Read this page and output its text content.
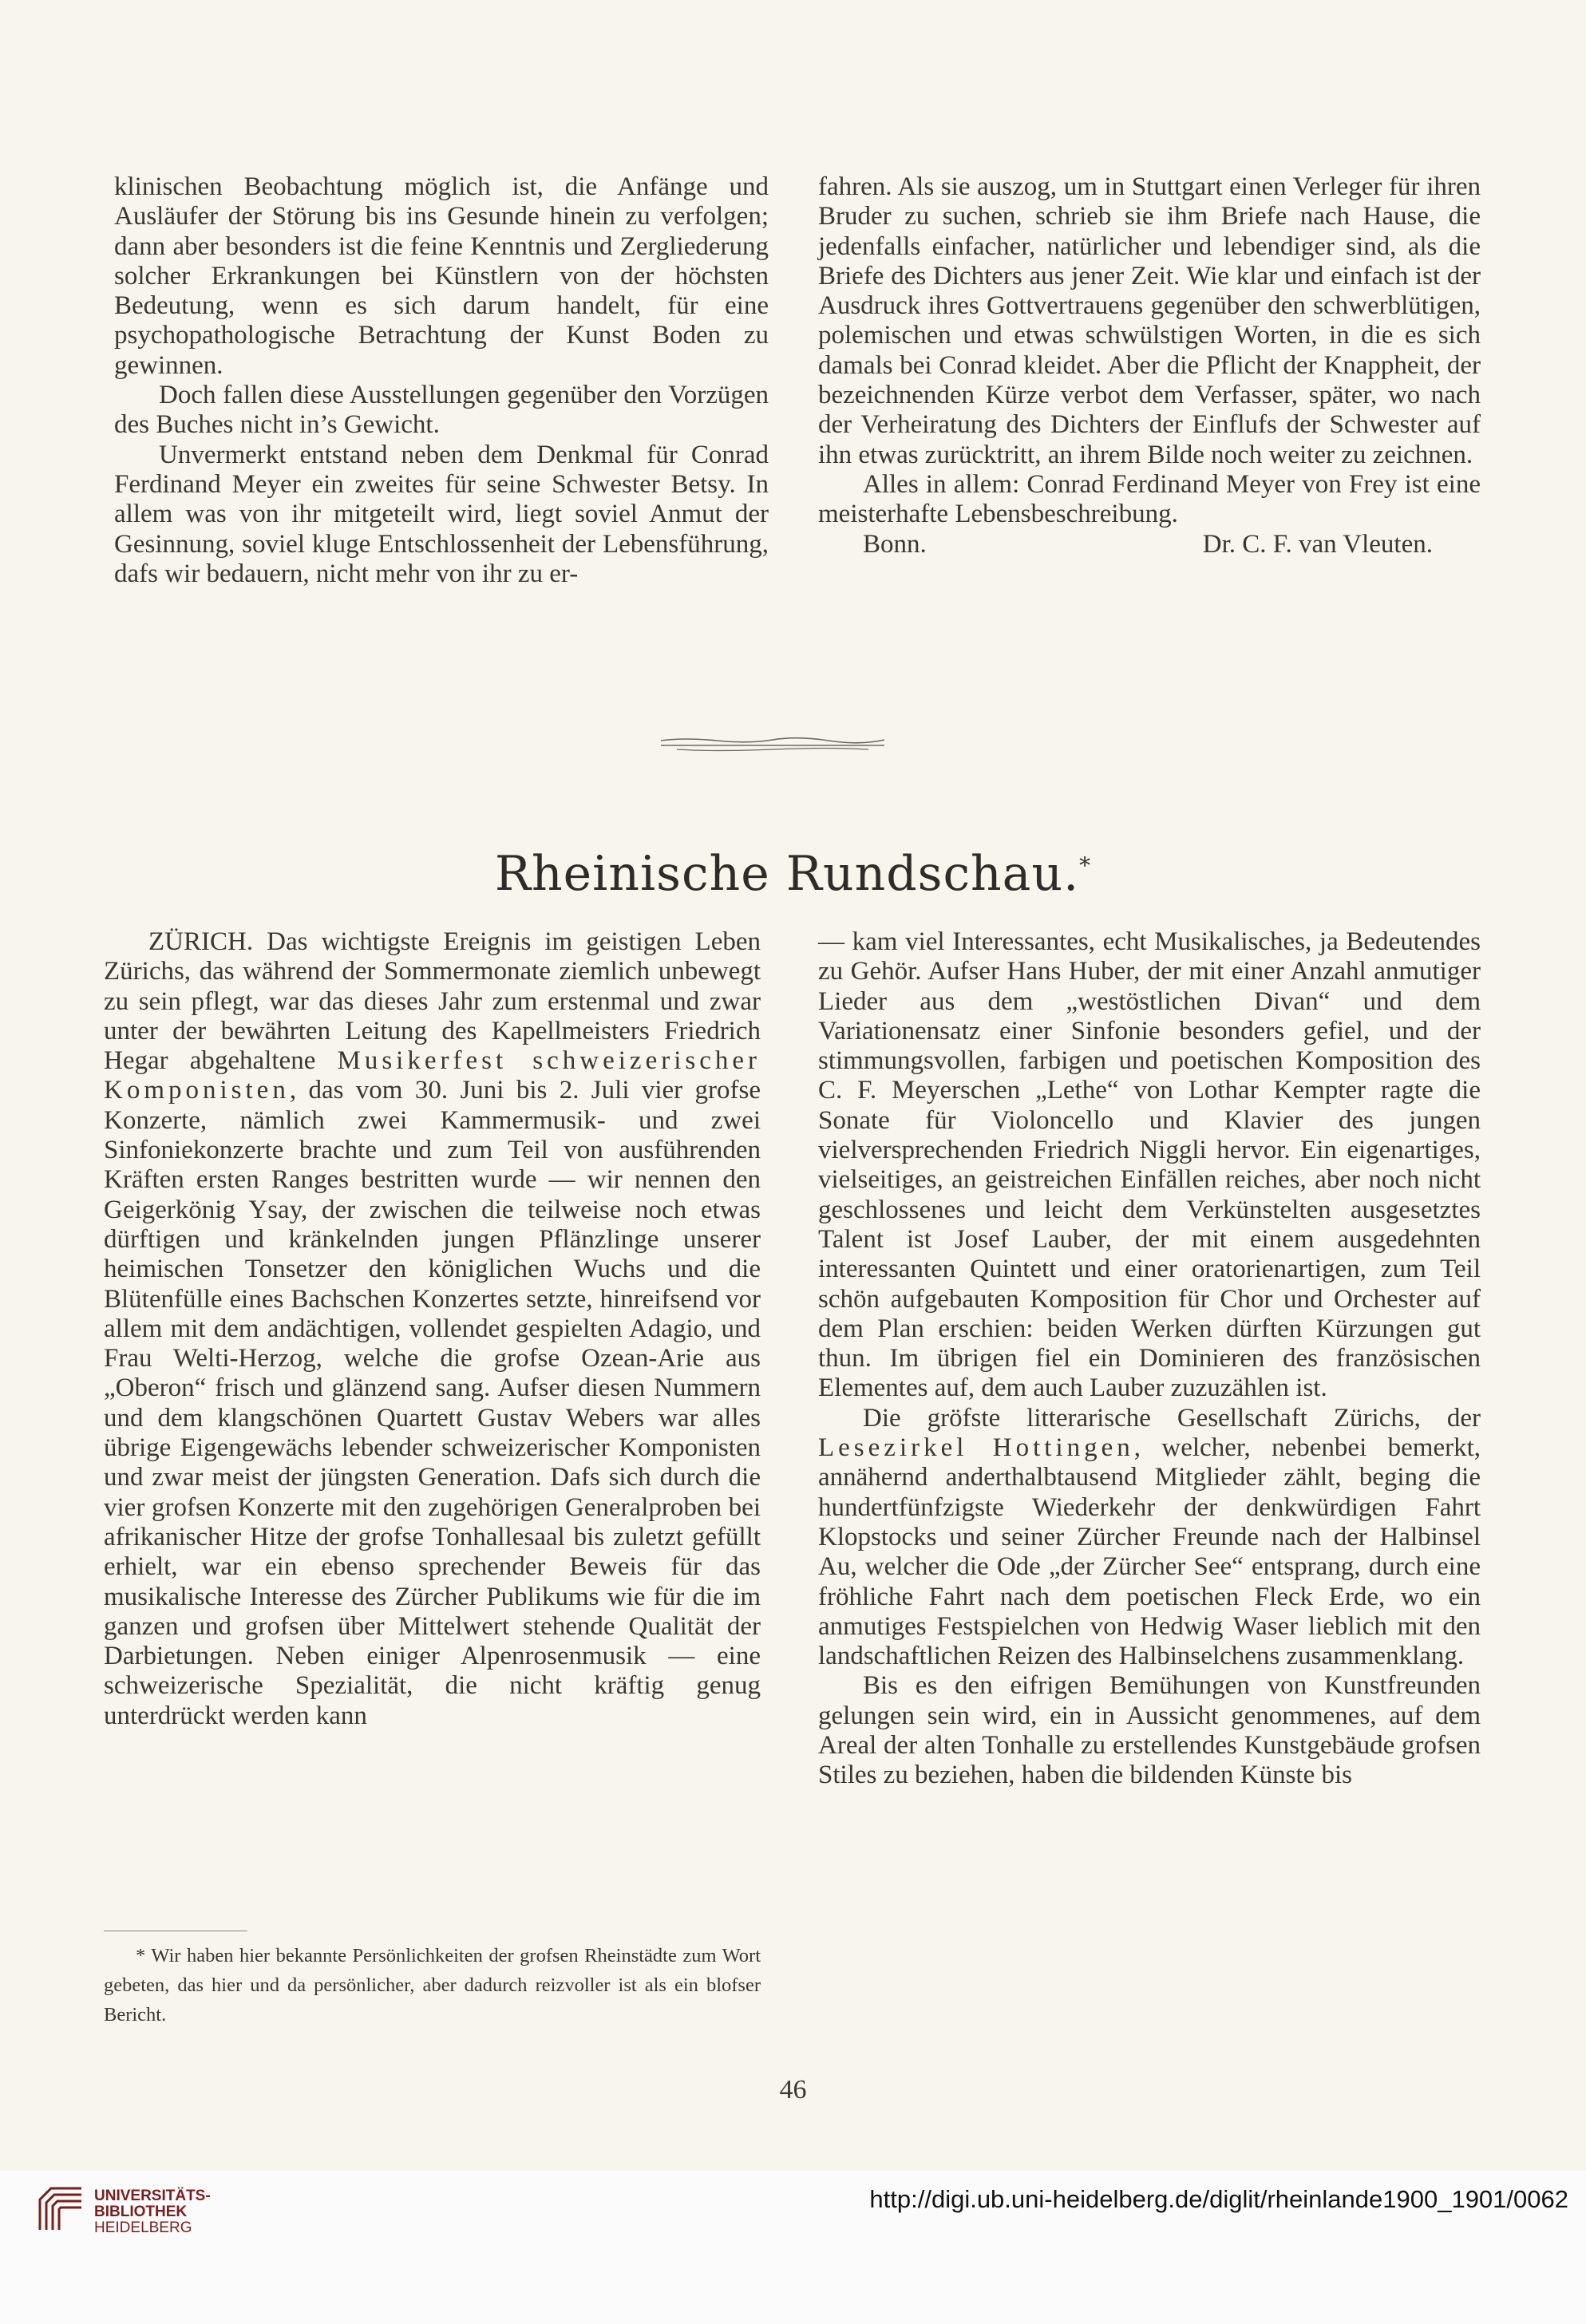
klinischen Beobachtung möglich ist, die Anfänge und Ausläufer der Störung bis ins Gesunde hinein zu verfolgen; dann aber besonders ist die feine Kenntnis und Zergliederung solcher Erkrankungen bei Künstlern von der höchsten Bedeutung, wenn es sich darum handelt, für eine psychopathologische Betrachtung der Kunst Boden zu gewinnen.

Doch fallen diese Ausstellungen gegenüber den Vorzügen des Buches nicht in’s Gewicht.

Unvermerkt entstand neben dem Denkmal für Conrad Ferdinand Meyer ein zweites für seine Schwester Betsy. In allem was von ihr mitgeteilt wird, liegt soviel Anmut der Gesinnung, soviel kluge Entschlossenheit der Lebensführung, dafs wir bedauern, nicht mehr von ihr zu er-

fahren. Als sie auszog, um in Stuttgart einen Verleger für ihren Bruder zu suchen, schrieb sie ihm Briefe nach Hause, die jedenfalls einfacher, natürlicher und lebendiger sind, als die Briefe des Dichters aus jener Zeit. Wie klar und einfach ist der Ausdruck ihres Gottvertrauens gegenüber den schwerblütigen, polemischen und etwas schwülstigen Worten, in die es sich damals bei Conrad kleidet. Aber die Pflicht der Knappheit, der bezeichnenden Kürze verbot dem Verfasser, später, wo nach der Verheiratung des Dichters der Einflufs der Schwester auf ihn etwas zurücktritt, an ihrem Bilde noch weiter zu zeichnen.

Alles in allem: Conrad Ferdinand Meyer von Frey ist eine meisterhafte Lebensbeschreibung.

Bonn.	Dr. C. F. van Vleuten.
Rheinische Rundschau.*

ZÜRICH. Das wichtigste Ereignis im geistigen Leben Zürichs, das während der Sommermonate ziemlich unbewegt zu sein pflegt, war das dieses Jahr zum erstenmal und zwar unter der bewährten Leitung des Kapellmeisters Friedrich Hegar abgehaltene Musikerfest schweizerischer Komponisten, das vom 30. Juni bis 2. Juli vier grofse Konzerte, nämlich zwei Kammermusik- und zwei Sinfoniekonzerte brachte und zum Teil von ausführenden Kräften ersten Ranges bestritten wurde — wir nennen den Geigerkönig Ysay, der zwischen die teilweise noch etwas dürftigen und kränkelnden jungen Pflänzlinge unserer heimischen Tonsetzer den königlichen Wuchs und die Blütenfülle eines Bachschen Konzertes setzte, hinreifsend vor allem mit dem andächtigen, vollendet gespielten Adagio, und Frau Welti-Herzog, welche die grofse Ozean-Arie aus „Oberon“ frisch und glänzend sang. Aufser diesen Nummern und dem klangschönen Quartett Gustav Webers war alles übrige Eigengewächs lebender schweizerischer Komponisten und zwar meist der jüngsten Generation. Dafs sich durch die vier grofsen Konzerte mit den zugehörigen Generalproben bei afrikanischer Hitze der grofse Tonhallesaal bis zuletzt gefüllt erhielt, war ein ebenso sprechender Beweis für das musikalische Interesse des Zürcher Publikums wie für die im ganzen und grofsen über Mittelwert stehende Qualität der Darbietungen. Neben einiger Alpenrosenmusik — eine schweizerische Spezialität, die nicht kräftig genug unterdrückt werden kann

* Wir haben hier bekannte Persönlichkeiten der grofsen Rheinstädte zum Wort gebeten, das hier und da persönlicher, aber dadurch reizvoller ist als ein blofser Bericht.

— kam viel Interessantes, echt Musikalisches, ja Bedeutendes zu Gehör. Aufser Hans Huber, der mit einer Anzahl anmutiger Lieder aus dem „westöstlichen Divan“ und dem Variationensatz einer Sinfonie besonders gefiel, und der stimmungsvollen, farbigen und poetischen Komposition des C. F. Meyerschen „Lethe“ von Lothar Kempter ragte die Sonate für Violoncello und Klavier des jungen vielversprechenden Friedrich Niggli hervor. Ein eigenartiges, vielseitiges, an geistreichen Einfällen reiches, aber noch nicht geschlossenes und leicht dem Verkünstelten ausgesetztes Talent ist Josef Lauber, der mit einem ausgedehnten interessanten Quintett und einer oratorienartigen, zum Teil schön aufgebauten Komposition für Chor und Orchester auf dem Plan erschien: beiden Werken dürften Kürzungen gut thun. Im übrigen fiel ein Dominieren des französischen Elementes auf, dem auch Lauber zuzuzählen ist.

Die gröfste litterarische Gesellschaft Zürichs, der Lesezirkel Hottingen, welcher, nebenbei bemerkt, annähernd anderthalbtausend Mitglieder zählt, beging die hundertfünfzigste Wiederkehr der denkwürdigen Fahrt Klopstocks und seiner Zürcher Freunde nach der Halbinsel Au, welcher die Ode „der Zürcher See“ entsprang, durch eine fröhliche Fahrt nach dem poetischen Fleck Erde, wo ein anmutiges Festspielchen von Hedwig Waser lieblich mit den landschaftlichen Reizen des Halbinselchens zusammenklang.

Bis es den eifrigen Bemühungen von Kunstfreunden gelungen sein wird, ein in Aussicht genommenes, auf dem Areal der alten Tonhalle zu erstellendes Kunstgebäude grofsen Stiles zu beziehen, haben die bildenden Künste bis

46
UNIVERSITÄTS-
BIBLIOTHEK
HEIDELBERG
http://digi.ub.uni-heidelberg.de/diglit/rheinlande1900_1901/0062
